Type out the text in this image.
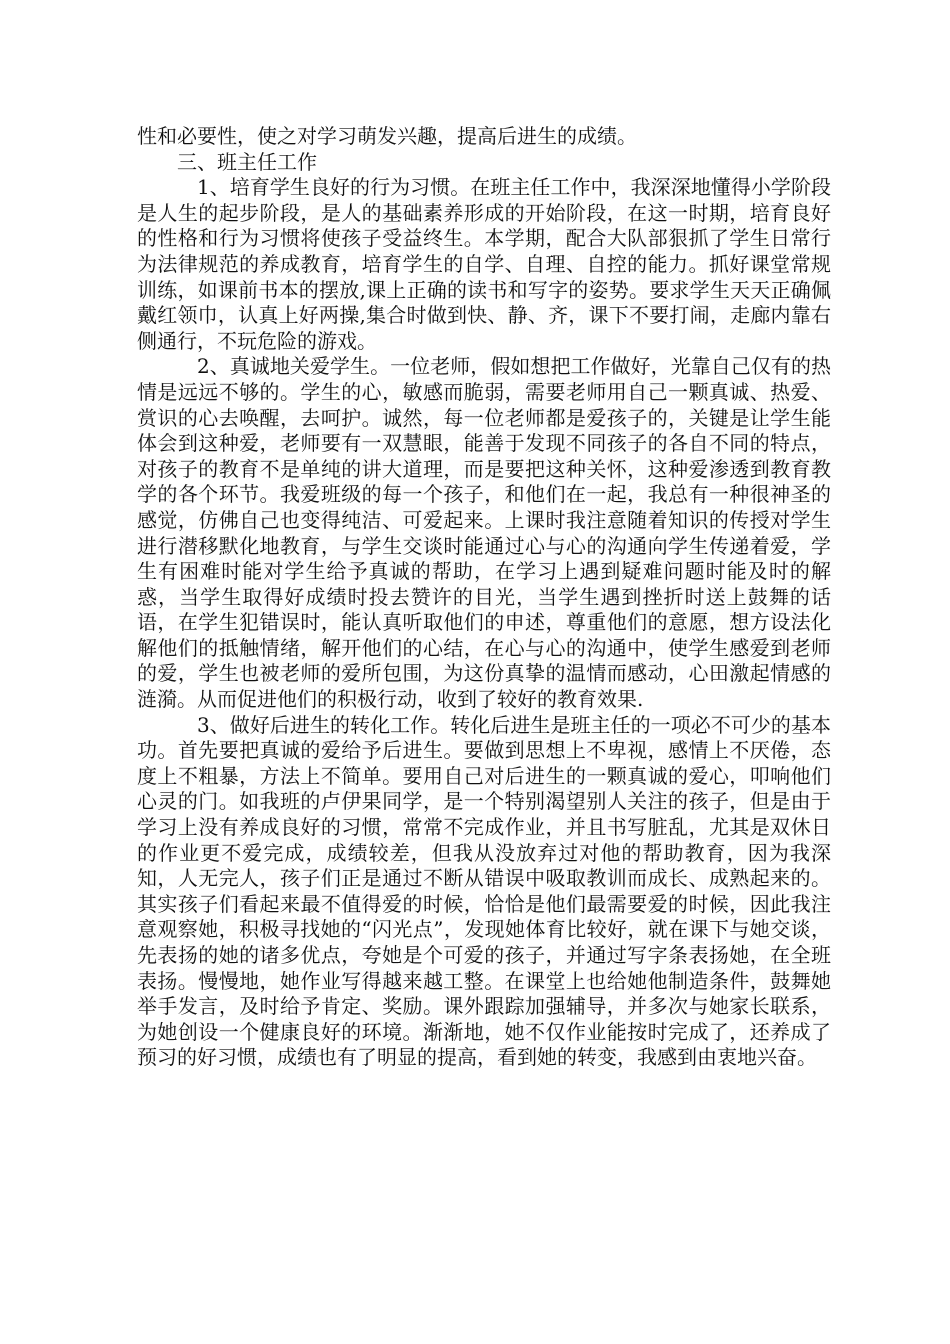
性和必要性，使之对学习萌发兴趣，提高后进生的成绩。

三、班主任工作

1、培育学生良好的行为习惯。在班主任工作中，我深深地懂得小学阶段是人生的起步阶段，是人的基础素养形成的开始阶段，在这一时期，培育良好的性格和行为习惯将使孩子受益终生。本学期，配合大队部狠抓了学生日常行为法律规范的养成教育，培育学生的自学、自理、自控的能力。抓好课堂常规训练，如课前书本的摆放,课上正确的读书和写字的姿势。要求学生天天正确佩戴红领巾，认真上好两操,集合时做到快、静、齐，课下不要打闹，走廊内靠右侧通行，不玩危险的游戏。

2、真诚地关爱学生。一位老师，假如想把工作做好，光靠自己仅有的热情是远远不够的。学生的心，敏感而脆弱，需要老师用自己一颗真诚、热爱、赏识的心去唤醒，去呵护。诚然，每一位老师都是爱孩子的，关键是让学生能体会到这种爱，老师要有一双慧眼，能善于发现不同孩子的各自不同的特点，对孩子的教育不是单纯的讲大道理，而是要把这种关怀，这种爱渗透到教育教学的各个环节。我爱班级的每一个孩子，和他们在一起，我总有一种很神圣的感觉，仿佛自己也变得纯洁、可爱起来。上课时我注意随着知识的传授对学生进行潜移默化地教育，与学生交谈时能通过心与心的沟通向学生传递着爱，学生有困难时能对学生给予真诚的帮助，在学习上遇到疑难问题时能及时的解惑，当学生取得好成绩时投去赞许的目光，当学生遇到挫折时送上鼓舞的话语，在学生犯错误时，能认真听取他们的申述，尊重他们的意愿，想方设法化解他们的抵触情绪，解开他们的心结，在心与心的沟通中，使学生感爱到老师的爱，学生也被老师的爱所包围，为这份真挚的温情而感动，心田激起情感的涟漪。从而促进他们的积极行动，收到了较好的教育效果.

3、做好后进生的转化工作。转化后进生是班主任的一项必不可少的基本功。首先要把真诚的爱给予后进生。要做到思想上不卑视，感情上不厌倦，态度上不粗暴，方法上不简单。要用自己对后进生的一颗真诚的爱心，叩响他们心灵的门。如我班的卢伊果同学，是一个特别渴望别人关注的孩子，但是由于学习上没有养成良好的习惯，常常不完成作业，并且书写脏乱，尤其是双休日的作业更不爱完成，成绩较差，但我从没放弃过对他的帮助教育，因为我深知，人无完人，孩子们正是通过不断从错误中吸取教训而成长、成熟起来的。其实孩子们看起来最不值得爱的时候，恰恰是他们最需要爱的时候，因此我注意观察她，积极寻找她的“闪光点”，发现她体育比较好，就在课下与她交谈，先表扬的她的诸多优点，夸她是个可爱的孩子，并通过写字条表扬她，在全班表扬。慢慢地，她作业写得越来越工整。在课堂上也给她他制造条件，鼓舞她举手发言，及时给予肯定、奖励。课外跟踪加强辅导，并多次与她家长联系，为她创设一个健康良好的环境。渐渐地，她不仅作业能按时完成了，还养成了预习的好习惯，成绩也有了明显的提高，看到她的转变，我感到由衷地兴奋。
